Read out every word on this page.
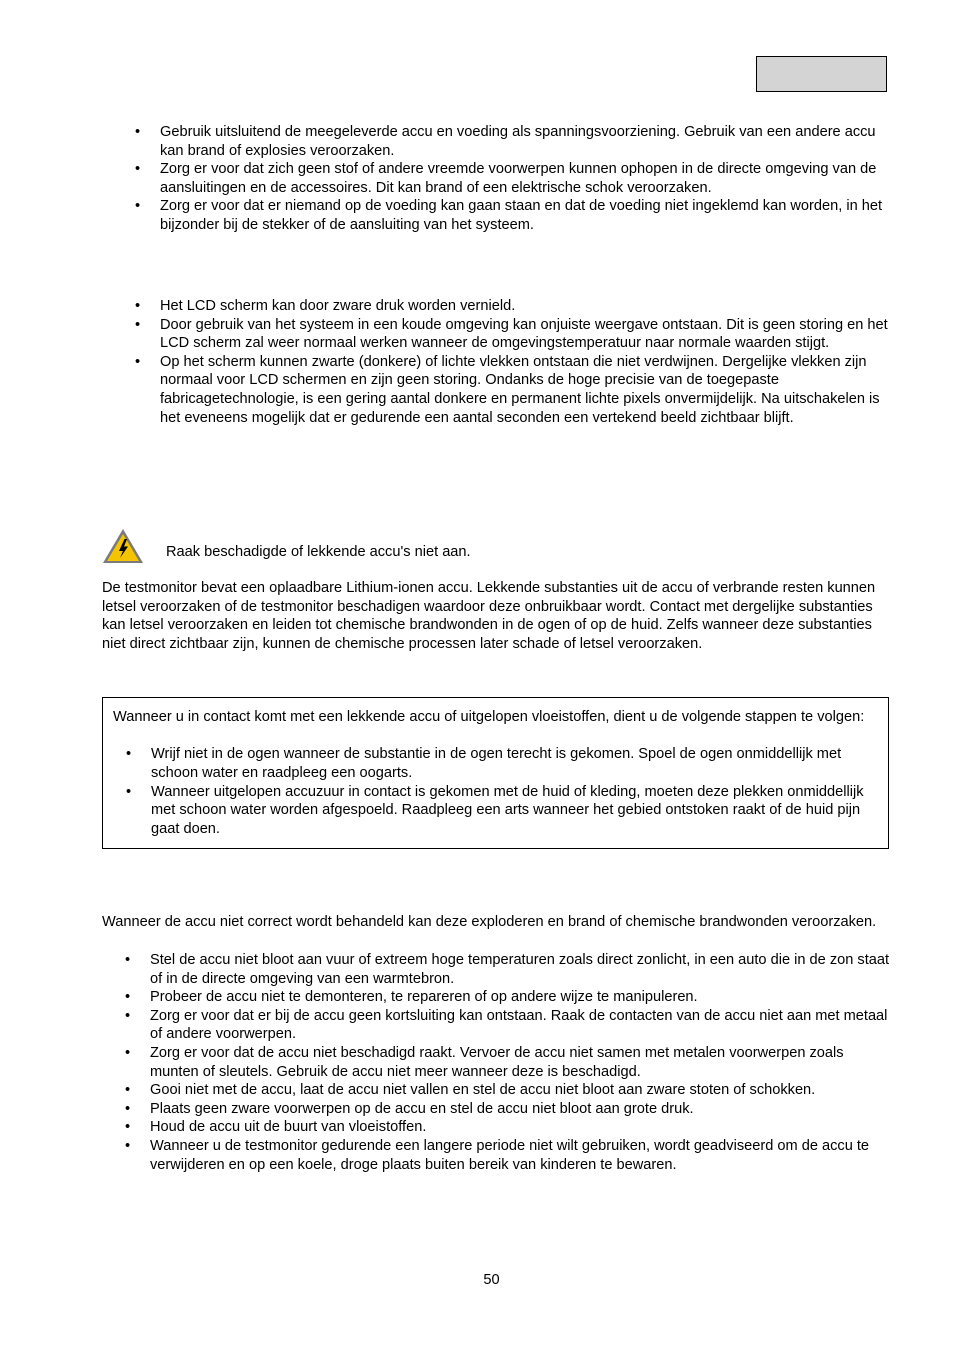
• Gebruik uitsluitend de meegeleverde accu en voeding als spanningsvoorziening. Gebruik van een andere accu kan brand of explosies veroorzaken.
• Zorg er voor dat zich geen stof of andere vreemde voorwerpen kunnen ophopen in de directe omgeving van de aansluitingen en de accessoires. Dit kan brand of een elektrische schok veroorzaken.
• Zorg er voor dat er niemand op de voeding kan gaan staan en dat de voeding niet ingeklemd kan worden, in het bijzonder bij de stekker of de aansluiting van het systeem.
• Het LCD scherm kan door zware druk worden vernield.
• Door gebruik van het systeem in een koude omgeving kan onjuiste weergave ontstaan. Dit is geen storing en het LCD scherm zal weer normaal werken wanneer de omgevingstemperatuur naar normale waarden stijgt.
• Op het scherm kunnen zwarte (donkere) of lichte vlekken ontstaan die niet verdwijnen. Dergelijke vlekken zijn normaal voor LCD schermen en zijn geen storing. Ondanks de hoge precisie van de toegepaste fabricagetechnologie, is een gering aantal donkere en permanent lichte pixels onvermijdelijk. Na uitschakelen is het eveneens mogelijk dat er gedurende een aantal seconden een vertekend beeld zichtbaar blijft.
Raak beschadigde of lekkende accu's niet aan.

De testmonitor bevat een oplaadbare Lithium-ionen accu. Lekkende substanties uit de accu of verbrande resten kunnen letsel veroorzaken of de testmonitor beschadigen waardoor deze onbruikbaar wordt. Contact met dergelijke substanties kan letsel veroorzaken en leiden tot chemische brandwonden in de ogen of op de huid. Zelfs wanneer deze substanties niet direct zichtbaar zijn, kunnen de chemische processen later schade of letsel veroorzaken.

Wanneer u in contact komt met een lekkende accu of uitgelopen vloeistoffen, dient u de volgende stappen te volgen:

• Wrijf niet in de ogen wanneer de substantie in de ogen terecht is gekomen. Spoel de ogen onmiddellijk met schoon water en raadpleeg een oogarts.
• Wanneer uitgelopen accuzuur in contact is gekomen met de huid of kleding, moeten deze plekken onmiddellijk met schoon water worden afgespoeld. Raadpleeg een arts wanneer het gebied ontstoken raakt of de huid pijn gaat doen.

Wanneer de accu niet correct wordt behandeld kan deze exploderen en brand of chemische brandwonden veroorzaken.

• Stel de accu niet bloot aan vuur of extreem hoge temperaturen zoals direct zonlicht, in een auto die in de zon staat of in de directe omgeving van een warmtebron.
• Probeer de accu niet te demonteren, te repareren of op andere wijze te manipuleren.
• Zorg er voor dat er bij de accu geen kortsluiting kan ontstaan. Raak de contacten van de accu niet aan met metaal of andere voorwerpen.
• Zorg er voor dat de accu niet beschadigd raakt. Vervoer de accu niet samen met metalen voorwerpen zoals munten of sleutels. Gebruik de accu niet meer wanneer deze is beschadigd.
• Gooi niet met de accu, laat de accu niet vallen en stel de accu niet bloot aan zware stoten of schokken.
• Plaats geen zware voorwerpen op de accu en stel de accu niet bloot aan grote druk.
• Houd de accu uit de buurt van vloeistoffen.
• Wanneer u de testmonitor gedurende een langere periode niet wilt gebruiken, wordt geadviseerd om de accu te verwijderen en op een koele, droge plaats buiten bereik van kinderen te bewaren.
50
